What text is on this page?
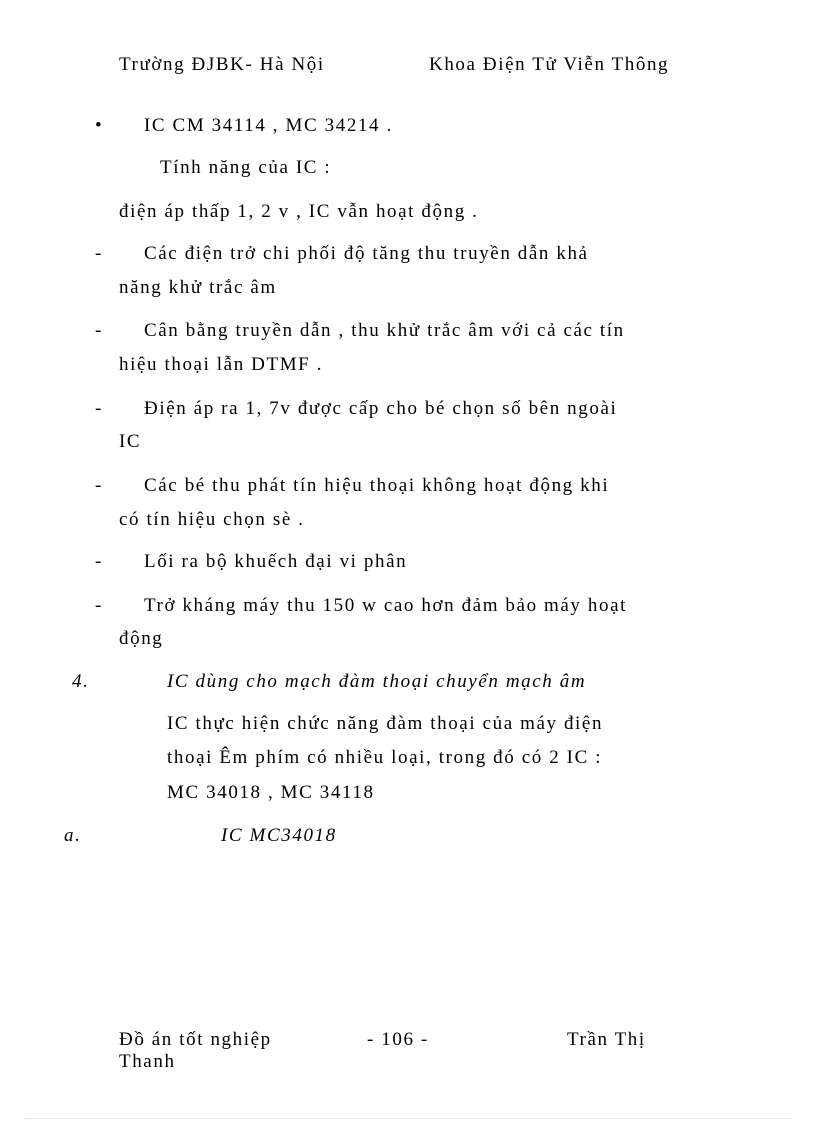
Trường ĐJBK- Hà Nội	Khoa Điện Tử Viễn Thông
• IC CM 34114 , MC 34214 .
Tính năng của IC :
điện áp thấp 1, 2 v , IC vẫn hoạt động .
- Các điện trở chi phối độ tăng thu truyền dẫn khả
năng khử trắc âm
- Cân bằng truyền dẫn , thu khử trắc âm với cả các tín
hiệu thoại lẫn DTMF .
- Điện áp ra 1, 7v được cấp cho bé chọn số bên ngoài
IC
- Các bé thu phát tín hiệu thoại không hoạt động khi
có tín hiệu chọn sè .
- Lối ra bộ khuếch đại vi phân
- Trở kháng máy thu 150 w cao hơn đảm bảo máy hoạt
động
4.	IC dùng cho mạch đàm thoại chuyển mạch âm
IC thực hiện chức năng đàm thoại của máy điện
thoại Êm phím có nhiều loại, trong đó có 2 IC :
MC 34018 , MC 34118
a.	IC MC34018
Đồ án tốt nghiệp
Thanh
- 106 -	Trần Thị
